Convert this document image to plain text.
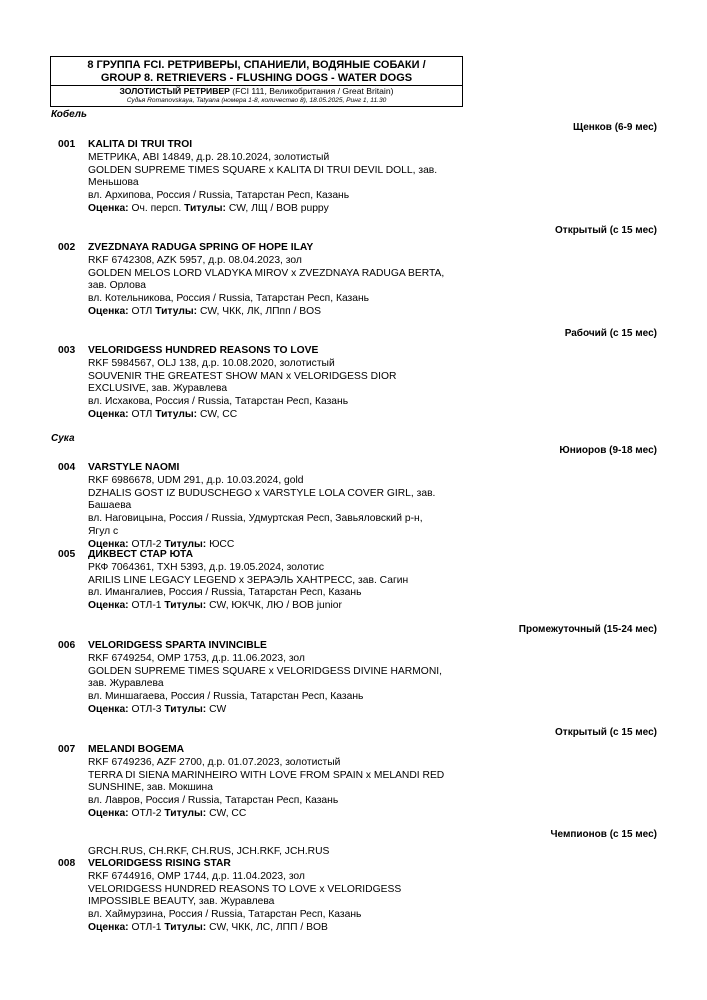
8 ГРУППА FCI. РЕТРИВЕРЫ, СПАНИЕЛИ, ВОДЯНЫЕ СОБАКИ /
GROUP 8. RETRIEVERS - FLUSHING DOGS - WATER DOGS
ЗОЛОТИСТЫЙ РЕТРИВЕР (FCI 111, Великобритания / Great Britain)
Судья Romanovskaya, Tatyana (номера 1-8, количество 8), 18.05.2025, Ринг 1, 11.30
Кобель
Щенков (6-9 мес)
001 KALITA DI TRUI TROI
МЕТРИКА, ABI 14849, д.р. 28.10.2024, золотистый
GOLDEN SUPREME TIMES SQUARE x KALITA DI TRUI DEVIL DOLL, зав.
Меньшова
вл. Архипова, Россия / Russia, Татарстан Респ, Казань
Оценка: Оч. персп. Титулы: CW, ЛЩ / BOB puppy
Открытый (с 15 мес)
002 ZVEZDNAYA RADUGA SPRING OF HOPE ILAY
RKF 6742308, AZK 5957, д.р. 08.04.2023, зол
GOLDEN MELOS LORD VLADYKA MIROV x ZVEZDNAYA RADUGA BERTA,
зав. Орлова
вл. Котельникова, Россия / Russia, Татарстан Респ, Казань
Оценка: ОТЛ Титулы: CW, ЧКК, ЛК, ЛПпп / BOS
Рабочий (с 15 мес)
003 VELORIDGESS HUNDRED REASONS TO LOVE
RKF 5984567, OLJ 138, д.р. 10.08.2020, золотистый
SOUVENIR THE GREATEST SHOW MAN x VELORIDGESS DIOR
EXCLUSIVE, зав. Журавлева
вл. Исхакова, Россия / Russia, Татарстан Респ, Казань
Оценка: ОТЛ Титулы: CW, CC
Сука
Юниоров (9-18 мес)
004 VARSTYLE NAOMI
RKF 6986678, UDM 291, д.р. 10.03.2024, gold
DZHALIS GOST IZ BUDUSCHEGO x VARSTYLE LOLA COVER GIRL, зав.
Башаева
вл. Наговицына, Россия / Russia, Удмуртская Респ, Завьяловский р-н,
Ягул с
Оценка: ОТЛ-2 Титулы: ЮСС
005 ДИКВЕСТ СТАР ЮТА
РКФ 7064361, ТХН 5393, д.р. 19.05.2024, золотис
ARILIS LINE LEGACY LEGEND x ЗЕРАЭЛЬ ХАНТРЕСС, зав. Сагин
вл. Имангалиев, Россия / Russia, Татарстан Респ, Казань
Оценка: ОТЛ-1 Титулы: CW, ЮКЧК, ЛЮ / BOB junior
Промежуточный (15-24 мес)
006 VELORIDGESS SPARTA INVINCIBLE
RKF 6749254, OMP 1753, д.р. 11.06.2023, зол
GOLDEN SUPREME TIMES SQUARE x VELORIDGESS DIVINE HARMONI,
зав. Журавлева
вл. Миншагаева, Россия / Russia, Татарстан Респ, Казань
Оценка: ОТЛ-3 Титулы: CW
Открытый (с 15 мес)
007 MELANDI BOGEMA
RKF 6749236, AZF 2700, д.р. 01.07.2023, золотистый
TERRA DI SIENA MARINHEIRO WITH LOVE FROM SPAIN x MELANDI RED
SUNSHINE, зав. Мокшина
вл. Лавров, Россия / Russia, Татарстан Респ, Казань
Оценка: ОТЛ-2 Титулы: CW, CC
Чемпионов (с 15 мес)
GRCH.RUS, CH.RKF, CH.RUS, JCH.RKF, JCH.RUS
008 VELORIDGESS RISING STAR
RKF 6744916, OMP 1744, д.р. 11.04.2023, зол
VELORIDGESS HUNDRED REASONS TO LOVE x VELORIDGESS
IMPOSSIBLE BEAUTY, зав. Журавлева
вл. Хаймурзина, Россия / Russia, Татарстан Респ, Казань
Оценка: ОТЛ-1 Титулы: CW, ЧКК, ЛС, ЛПП / BOB
